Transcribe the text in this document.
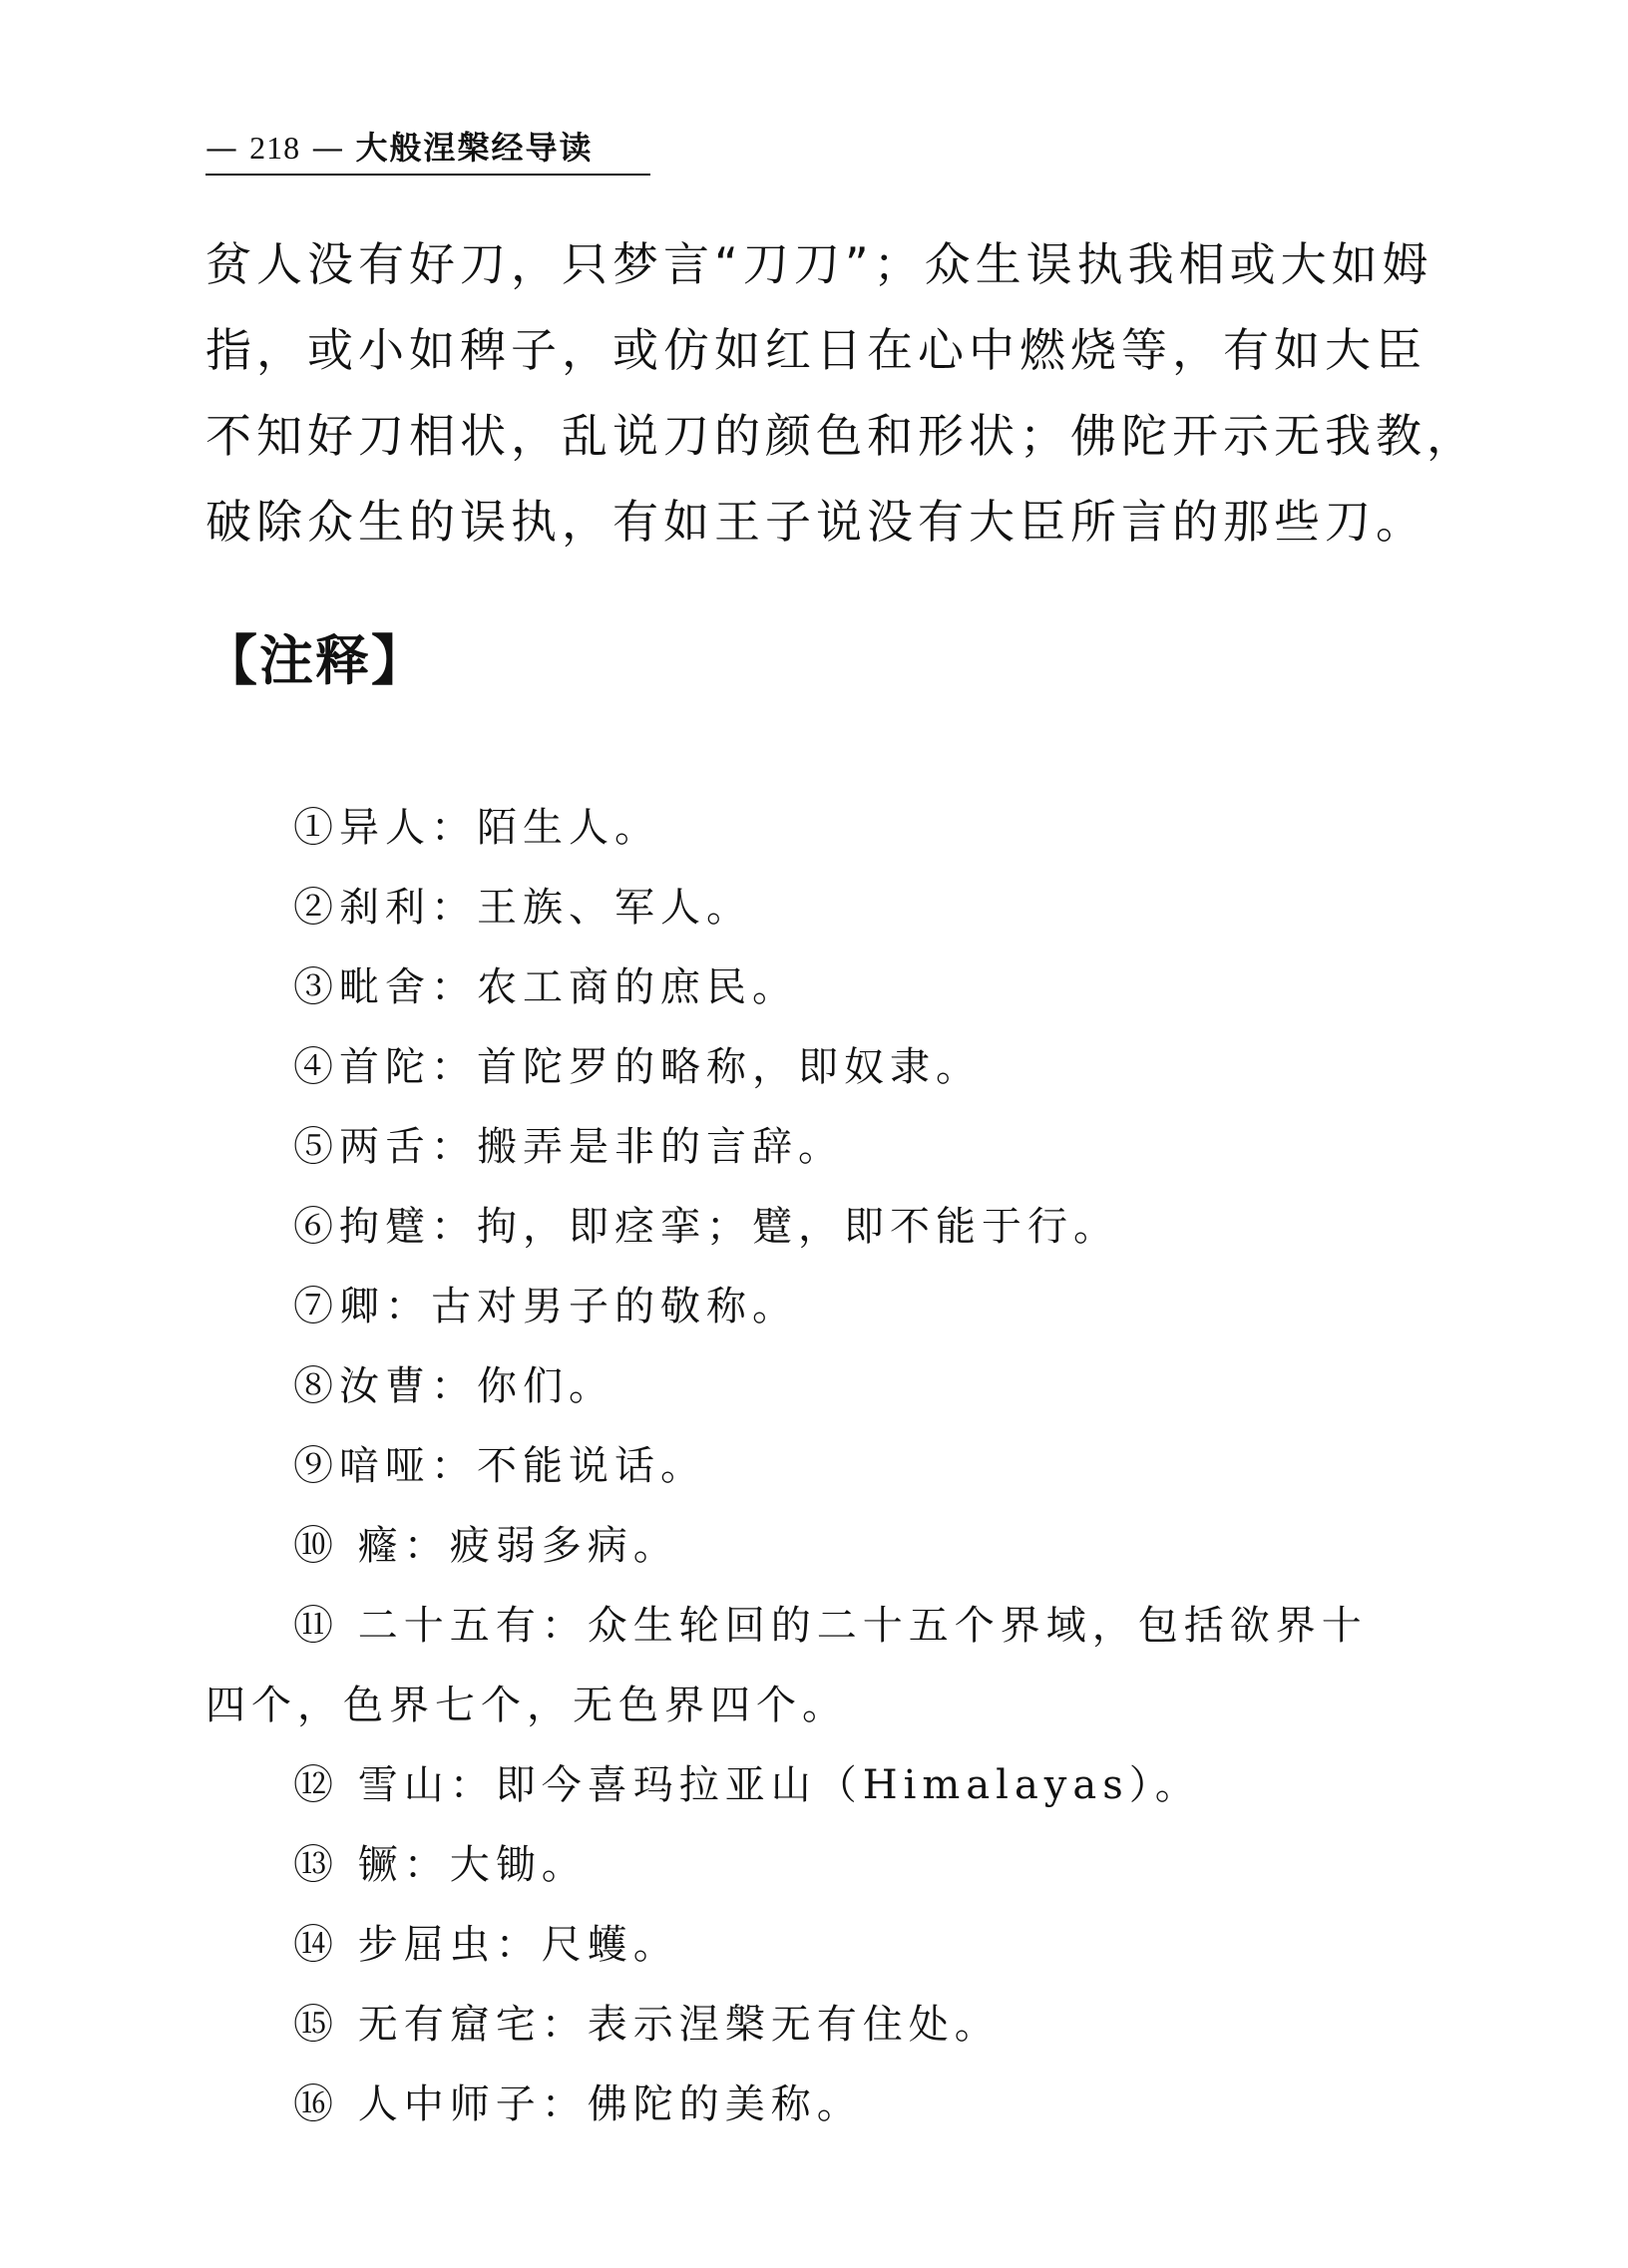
— 218 — 大般涅槃经导读
贫人没有好刀，只梦言“刀刀”；众生误执我相或大如姆
指，或小如稗子，或仿如红日在心中燃烧等，有如大臣
不知好刀相状，乱说刀的颜色和形状；佛陀开示无我教，
破除众生的误执，有如王子说没有大臣所言的那些刀。
【注释】
①异人：陌生人。
②刹利：王族、军人。
③毗舍：农工商的庶民。
④首陀：首陀罗的略称，即奴隶。
⑤两舌：搬弄是非的言辞。
⑥拘躄：拘，即痉挛；躄，即不能于行。
⑦卿：古对男子的敬称。
⑧汝曹：你们。
⑨喑哑：不能说话。
⑩ 癃：疲弱多病。
⑪ 二十五有：众生轮回的二十五个界域，包括欲界十
四个，色界七个，无色界四个。
⑫ 雪山：即今喜玛拉亚山（Himalayas）。
⑬ 镢：大锄。
⑭ 步屈虫：尺蠖。
⑮ 无有窟宅：表示涅槃无有住处。
⑯ 人中师子：佛陀的美称。
